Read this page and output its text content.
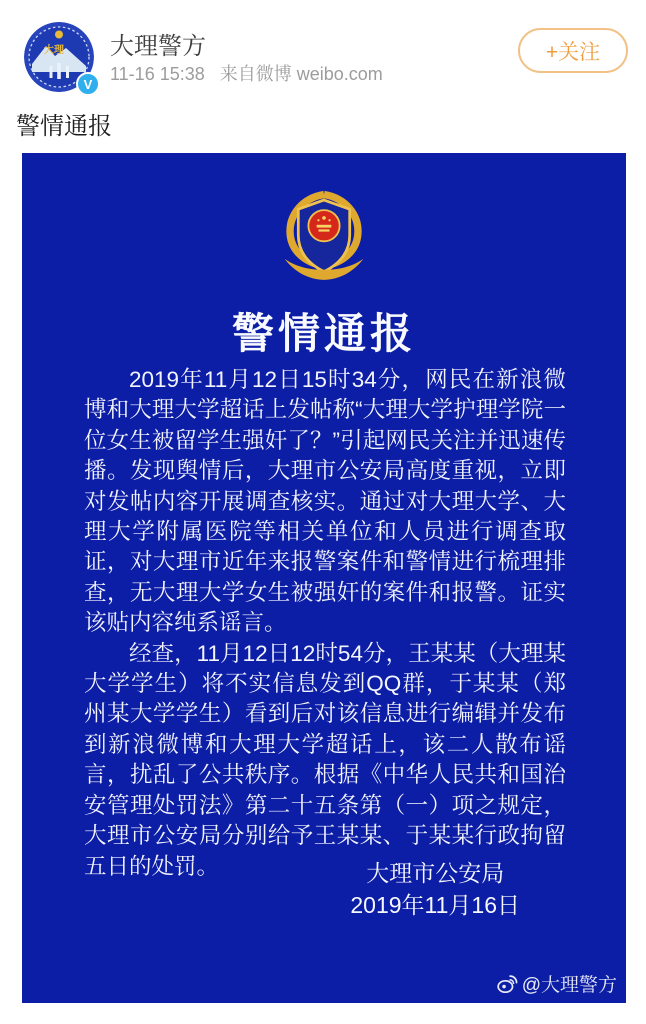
大理
V
大理警方
11-16 15:38 来自微博 weibo.com
+关注
警情通报
警情通报

2019年11月12日15时34分，网民在新浪微博和大理大学超话上发帖称“大理大学护理学院一位女生被留学生强奸了？”引起网民关注并迅速传播。发现舆情后，大理市公安局高度重视，立即对发帖内容开展调查核实。通过对大理大学、大理大学附属医院等相关单位和人员进行调查取证，对大理市近年来报警案件和警情进行梳理排查，无大理大学女生被强奸的案件和报警。证实该贴内容纯系谣言。

经查，11月12日12时54分，王某某（大理某大学学生）将不实信息发到QQ群，于某某（郑州某大学学生）看到后对该信息进行编辑并发布到新浪微博和大理大学超话上，该二人散布谣言，扰乱了公共秩序。根据《中华人民共和国治安管理处罚法》第二十五条第（一）项之规定，大理市公安局分别给予王某某、于某某行政拘留五日的处罚。	大理市公安局
2019年11月16日
@大理警方
